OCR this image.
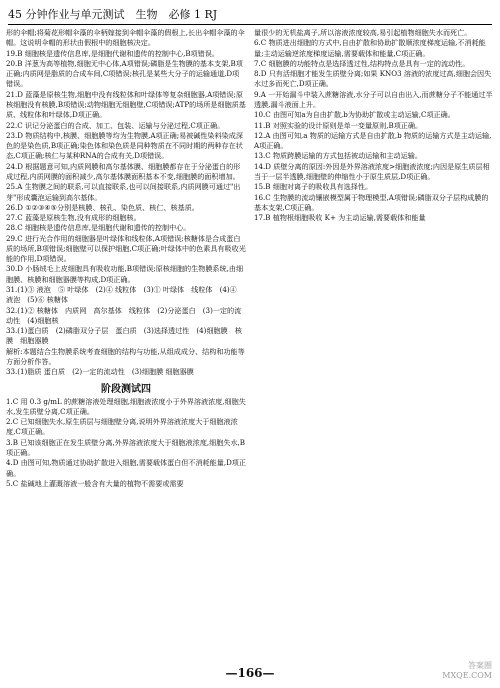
45 分钟作业与单元测试　生物　必修 1 RJ

形的伞帽;将菊花形帽伞藻的伞柄嫁接到伞帽伞藻的假根上,长出伞帽伞藻的伞帽。这说明伞帽的形状由假根中的细胞核决定。

19.B 细胞核是遗传信息库,是细胞代谢和遗传的控制中心,B项错误。

20.B 洋葱为高等植物,细胞无中心体,A项错误;磷脂是生物膜的基本支架,B项正确;内质网是脂质的合成车间,C项错误;核孔是某些大分子的运输通道,D项错误。

21.D 蓝藻是原核生物,细胞中没有线粒体和叶绿体等复杂细胞器,A项错误;原核细胞没有核膜,B项错误;动物细胞无细胞壁,C项错误;ATP的场所是细胞质基质、线粒体和叶绿体,D项正确。

22.C 识记分泌蛋白的合成、加工、包装、运输与分泌过程,C项正确。

23.D 物质结构中,核膜、细胞膜等均为生物膜,A项正确;易被碱性染料染成深色的是染色质,B项正确;染色体和染色质是同种物质在不同时期的两种存在状态,C项正确;核仁与某种RNA的合成有关,D项错误。

24.D 根据题意可知,内质网膜和高尔基体膜、细胞膜都存在于分泌蛋白的形成过程,内质网膜的面积减少,高尔基体膜面积基本不变,细胞膜的面积增加。

25.A 生物膜之间的联系,可以直接联系,也可以间接联系,内质网膜可通过"出芽"形成囊泡运输到高尔基体。

26.D ①②③④⑤分别是核膜、核孔、染色质、核仁、核基质。

27.C 蓝藻是原核生物,没有成形的细胞核。

28.C 细胞核是遗传信息库,是细胞代谢和遗传的控制中心。

29.C 进行光合作用的细胞器是叶绿体和线粒体,A项错误;核糖体是合成蛋白质的场所,B项错误;细胞壁可以保护细胞,C项正确;叶绿体中的色素具有吸收光能的作用,D项错误。

30.D 小肠绒毛上皮细胞具有吸收功能,B项错误;原核细胞的生物膜系统,由细胞膜、核膜和细胞器膜等构成,D项正确。

31.(1)③ 液泡　⑤ 叶绿体　(2)④ 线粒体　(3)① 叶绿体　线粒体　(4)④ 液泡　(5)⑥ 核糖体

32.(1)② 核糖体　内质网　高尔基体　线粒体　(2)分泌蛋白　(3)一定的流动性　(4)细胞核

33.(1)蛋白质　(2)磷脂双分子层　蛋白质　(3)选择透过性　(4)细胞膜　核膜　细胞器膜

解析:本题结合生物膜系统考查细胞的结构与功能,从组成成分、结构和功能等方面分析作答。

33.(1)脂质 蛋白质　(2)一定的流动性　(3)细胞膜 细胞器膜

阶段测试四

1.C 用 0.3 g/mL 的蔗糖溶液处理细胞,细胞液浓度小于外界溶液浓度,细胞失水,发生质壁分离,C项正确。

2.C 已知细胞失水,原生质层与细胞壁分离,说明外界溶液浓度大于细胞液浓度,C项正确。

3.B 已知该细胞正在发生质壁分离,外界溶液浓度大于细胞液浓度,细胞失水,B项正确。

4.D 由图可知,物质通过协助扩散进入细胞,需要载体蛋白但不消耗能量,D项正确。

5.C 盐碱地上灌溉溶液一般含有大量的植物不需要或需要

量很少的无机盐离子,所以溶液浓度较高,易引起植物细胞失水而死亡。

6.C 物质进出细胞的方式中,自由扩散和协助扩散顺浓度梯度运输,不消耗能量;主动运输逆浓度梯度运输,需要载体和能量,C项正确。

7.C 细胞膜的功能特点是选择透过性,结构特点是具有一定的流动性。

8.D 只有活细胞才能发生质壁分离;如果 KNO3 溶液的浓度过高,细胞会因失水过多而死亡,D项正确。

9.A 一开始漏斗中装入蔗糖溶液,水分子可以自由出入,而蔗糖分子不能通过半透膜,漏斗液面上升。

10.C 由图可知a为自由扩散,b为协助扩散或主动运输,C项正确。

11.B 对照实验的设计原则是单一变量原则,B项正确。

12.A 由图可知,a 物质的运输方式是自由扩散,b 物质的运输方式是主动运输,A项正确。

13.C 物质跨膜运输的方式包括被动运输和主动运输。

14.D 质壁分离的原因:外因是外界溶液浓度>细胞液浓度;内因是原生质层相当于一层半透膜,细胞壁的伸缩性小于原生质层,D项正确。

15.B 细胞对离子的吸收具有选择性。

16.C 生物膜的流动镶嵌模型属于物理模型,A项错误;磷脂双分子层构成膜的基本支架,C项正确。

17.B 植物根细胞吸收 K+ 为主动运输,需要载体和能量

—166—
答案圈 MXQE.COM
